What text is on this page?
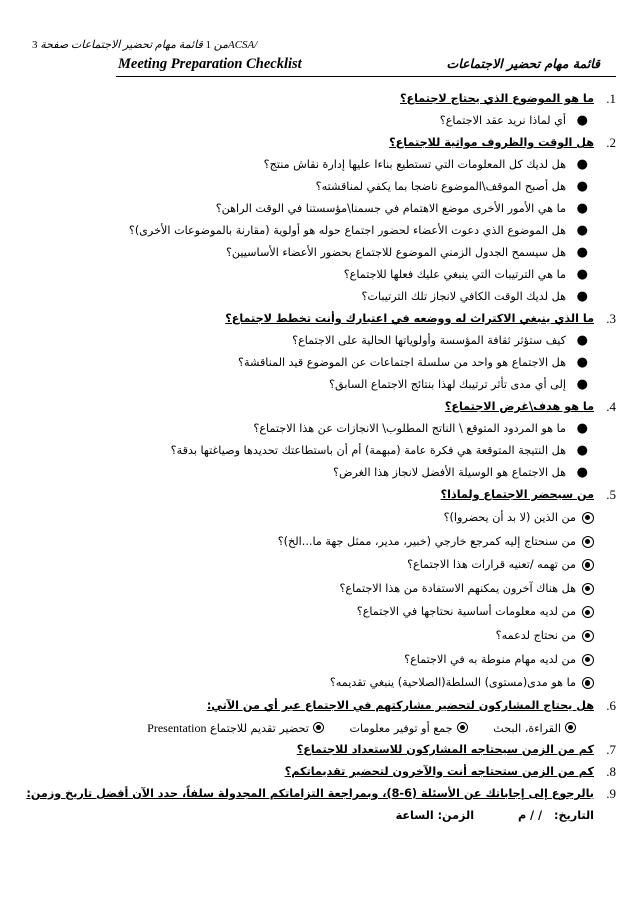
3	من 1 قائمة مهام تحضير الاجتماعات صفحة ACSA/
Meeting Preparation Checklist	قائمة مهام تحضير الاجتماعات
1.
ما هو الموضوع الذي يحتاج لاجتماع؟
●
أي لماذا نريد عقد الاجتماع؟
2.
هل الوقت والظروف مواتية للاجتماع؟
●
هل لديك كل المعلومات التي تستطيع بناءا عليها إدارة نقاش منتج؟
●
هل أصبح الموقف\الموضوع ناضجا بما يكفي لمناقشته؟
●
ما هي الأمور الأخرى موضع الاهتمام في جسمنا\مؤسستنا في الوقت الراهن؟
●
هل الموضوع الذي دعوت الأعضاء لحضور اجتماع حوله هو أولوية (مقارنة بالموضوعات الأخرى)؟
●
هل سيسمح الجدول الزمني الموضوع للاجتماع بحضور الأعضاء الأساسيين؟
●
ما هي الترتيبات التي ينبغي عليك فعلها للاجتماع؟
●
هل لديك الوقت الكافي لانجاز تلك الترتيبات؟
3.
ما الذي ينبغي الاكتراث له ووضعه في اعتبارك وأنت تخطط لاجتماع؟
●
كيف ستؤثر ثقافة المؤسسة وأولوياتها الحالية على الاجتماع؟
●
هل الاجتماع هو واحد من سلسلة اجتماعات عن الموضوع قيد المناقشة؟
●
إلى أي مدى تأثر ترتيبك لهذا بنتائج الاجتماع السابق؟
4.
ما هو هدف\غرض الاجتماع؟
●
ما هو المردود المتوقع \ الناتج المطلوب\ الانجازات عن هذا الاجتماع؟
●
هل النتيجة المتوقعة هي فكرة عامة (مبهمة) أم أن باستطاعتك تحديدها وصياغتها بدقة؟
●
هل الاجتماع هو الوسيلة الأفضل لانجاز هذا الغرض؟
5.
من سيحضر الاجتماع ولماذا؟
من الذين (لا بد أن يحضروا)؟
من سنحتاج إليه كمرجع خارجي (خبير، مدير، ممثل جهة ما...الخ)؟
من تهمه /تعنيه قرارات هذا الاجتماع؟
هل هناك آخرون يمكنهم الاستفادة من هذا الاجتماع؟
من لديه معلومات أساسية نحتاجها في الاجتماع؟
من نحتاج لدعمه؟
من لديه مهام منوطة به في الاجتماع؟
ما هو مدى(مستوى) السلطة(الصلاحية) ينبغي تقديمه؟
6.
هل يحتاج المشاركون لتحضير مشاركتهم في الاجتماع عبر أي من الآتي:
القراءة، البحث جمع أو توفير معلومات تحضير تقديم للاجتماع Presentation
7.
كم من الزمن سيحتاجه المشاركون للاستعداد للاجتماع؟
8.
كم من الزمن ستحتاجه أنت والآخرون لتحضير تقديماتكم؟
9.
بالرجوع إلى إجاباتك عن الأسئلة (6-8)، وبمراجعة التزاماتكم المجدولة سلفاً، حدد الآن أفضل تاريخ وزمن:
التاريخ: / / م الزمن: الساعة
